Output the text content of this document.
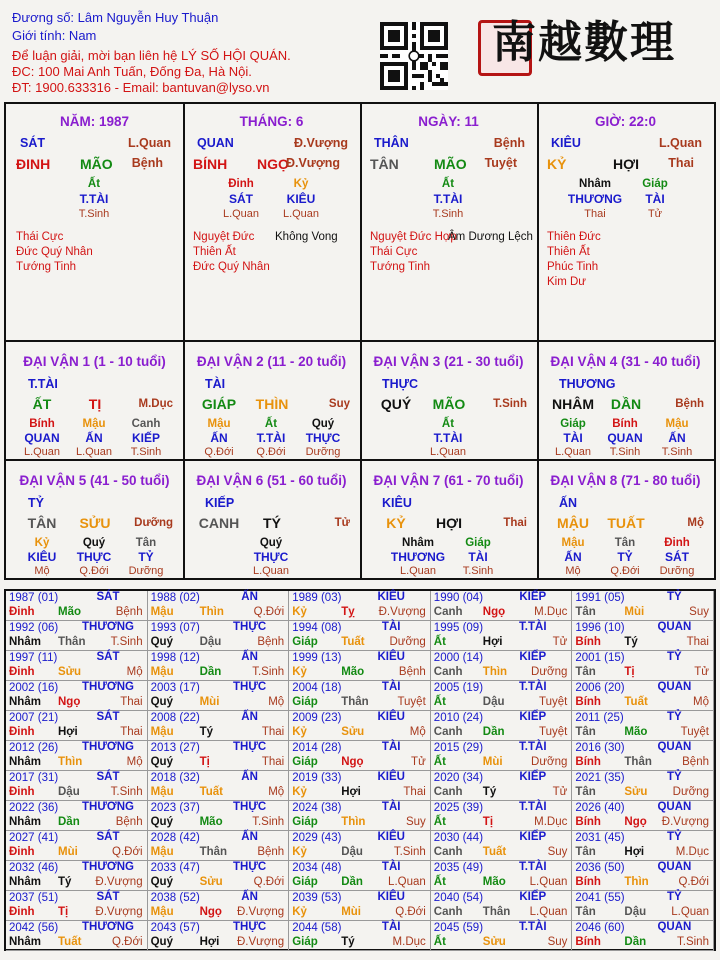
Đương số: Lâm Nguyễn Huy Thuận
Giới tính: Nam
Để luận giải, mời bạn liên hệ LÝ SỐ HỘI QUÁN.
ĐC: 100 Mai Anh Tuấn, Đống Đa, Hà Nội.
ĐT: 1900.633316 - Email: bantuvan@lyso.vn
南越數理
NĂM: 1987
SÁT	L.Quan
ĐINH MÃO Bệnh
Ất
T.TÀI
T.Sinh
Thái Cực
Đức Quý Nhân
Tướng Tinh
THÁNG: 6
QUAN	Đ.Vượng
BÍNH NGỌ
Đ.Vượng
Đinh
SÁT
L.Quan
Kỷ
KIÊU
L.Quan
Nguyệt Đức
Thiên Ất
Đức Quý Nhân
Không Vong
NGÀY: 11
THÂN	Bệnh
TÂN	MÃO Tuyệt
Ất
T.TÀI
T.Sinh
Nguyệt Đức Hợp
Thái Cực
Tướng Tinh
Âm Dương Lệch
GIỜ: 22:0
KIÊU	L.Quan
KỶ	HỢI Thai
Nhâm
THƯƠNG
Thai
Giáp
TÀI
Tử
Thiên Đức
Thiên Ất
Phúc Tinh
Kim Dư
ĐẠI VẬN 1 (1 - 10 tuổi)
T.TÀI
ẤT	TỊ	M.Dục
Bính
QUAN
L.Quan
Mậu
ẤN
L.Quan
Canh
KIẾP
T.Sinh
ĐẠI VẬN 2 (11 - 20 tuổi)
TÀI
GIÁP	THÌN	Suy
Mậu
ẤN
Q.Đới
Ất
T.TÀI
Q.Đới
Quý
THỰC
Dưỡng
ĐẠI VẬN 3 (21 - 30 tuổi)
THỰC
QUÝ	MÃO	T.Sinh
Ất
T.TÀI
L.Quan
ĐẠI VẬN 4 (31 - 40 tuổi)
THƯƠNG
NHÂM	DẦN	Bệnh
Giáp
TÀI
L.Quan
Bính
QUAN
T.Sinh
Mậu
ẤN
T.Sinh
ĐẠI VẬN 5 (41 - 50 tuổi)
TỶ
TÂN	SỬU	Dưỡng
Kỷ
KIÊU
Mộ
Quý
THỰC
Q.Đới
Tân
TỶ
Dưỡng
ĐẠI VẬN 6 (51 - 60 tuổi)
KIẾP
CANH	TÝ	Tử
Quý
THỰC
L.Quan
ĐẠI VẬN 7 (61 - 70 tuổi)
KIÊU
KỶ	HỢI	Thai
Nhâm
THƯƠNG
L.Quan
Giáp
TÀI
T.Sinh
ĐẠI VẬN 8 (71 - 80 tuổi)
ẤN
MẬU	TUẤT	Mộ
Mậu
ẤN
Mộ
Tân
TỶ
Q.Đới
Đinh
SÁT
Dưỡng
1987 (01)	SÁT
Đinh Mão	Bệnh
1988 (02)	ẤN
Mậu Thìn	Q.Đới
1989 (03)	KIÊU
Kỷ	Tỵ Đ.Vượng
1990 (04)	KIẾP
Canh Ngọ	M.Dục
1991 (05)	TỶ
Tân Mùi	Suy
1992 (06)	THƯƠNG
Nhâm Thân T.Sinh
1993 (07)	THỰC
Quý Dậu	Bệnh
1994 (08)	TÀI
Giáp Tuất Dưỡng
1995 (09)	T.TÀI
Ất	Hợi	Tử
1996 (10)	QUAN
Bính Tý	Thai
1997 (11)	SÁT
Đinh Sửu	Mộ
1998 (12)	ẤN
Mậu Dần	T.Sinh
1999 (13)	KIÊU
Kỷ	Mão	Bệnh
2000 (14)	KIẾP
Canh Thìn Dưỡng
2001 (15)	TỶ
Tân Tị	Tử
2002 (16)	THƯƠNG
Nhâm Ngọ	Thai
2003 (17)	THỰC
Quý Mùi	Mộ
2004 (18)	TÀI
Giáp Thân	Tuyệt
2005 (19)	T.TÀI
Ất	Dậu	Tuyệt
2006 (20)	QUAN
Bính Tuất	Mộ
2007 (21)	SÁT
Đinh Hợi	Thai
2008 (22)	ẤN
Mậu Tý	Thai
2009 (23)	KIÊU
Kỷ	Sửu	Mộ
2010 (24)	KIẾP
Canh Dần	Tuyệt
2011 (25)	TỶ
Tân Mão	Tuyệt
2012 (26)	THƯƠNG
Nhâm Thìn	Mộ
2013 (27)	THỰC
Quý Tị	Thai
2014 (28)	TÀI
Giáp Ngọ	Tử
2015 (29)	T.TÀI
Ất	Mùi Dưỡng
2016 (30)	QUAN
Bính Thân	Bệnh
2017 (31)	SÁT
Đinh Dậu	T.Sinh
2018 (32)	ẤN
Mậu Tuất	Mộ
2019 (33)	KIÊU
Kỷ	Hợi	Thai
2020 (34)	KIẾP
Canh Tý	Tử
2021 (35)	TỶ
Tân Sửu Dưỡng
2022 (36)	THƯƠNG
Nhâm Dần	Bệnh
2023 (37)	THỰC
Quý Mão	T.Sinh
2024 (38)	TÀI
Giáp Thìn	Suy
2025 (39)	T.TÀI
Ất	Tị	M.Dục
2026 (40)	QUAN
Bính Ngọ Đ.Vượng
2027 (41)	SÁT
Đinh Mùi	Q.Đới
2028 (42)	ẤN
Mậu Thân	Bệnh
2029 (43)	KIÊU
Kỷ	Dậu	T.Sinh
2030 (44)	KIẾP
Canh Tuất	Suy
2031 (45)	TỶ
Tân Hợi	M.Dục
2032 (46)	THƯƠNG
Nhâm Tý Đ.Vượng
2033 (47)	THỰC
Quý Sửu	Q.Đới
2034 (48)	TÀI
Giáp Dần L.Quan
2035 (49)	T.TÀI
Ất	Mão L.Quan
2036 (50)	QUAN
Bính Thìn	Q.Đới
2037 (51)	SÁT
Đinh Tị Đ.Vượng
2038 (52)	ẤN
Mậu Ngọ Đ.Vượng
2039 (53)	KIÊU
Kỷ	Mùi	Q.Đới
2040 (54)	KIẾP
Canh Thân L.Quan
2041 (55)	TỶ
Tân Dậu L.Quan
2042 (56)	THƯƠNG
Nhâm Tuất	Q.Đới
2043 (57)	THỰC
Quý Hợi Đ.Vượng
2044 (58)	TÀI
Giáp Tý	M.Dục
2045 (59)	T.TÀI
Ất	Sửu	Suy
2046 (60)	QUAN
Bính Dần	T.Sinh
